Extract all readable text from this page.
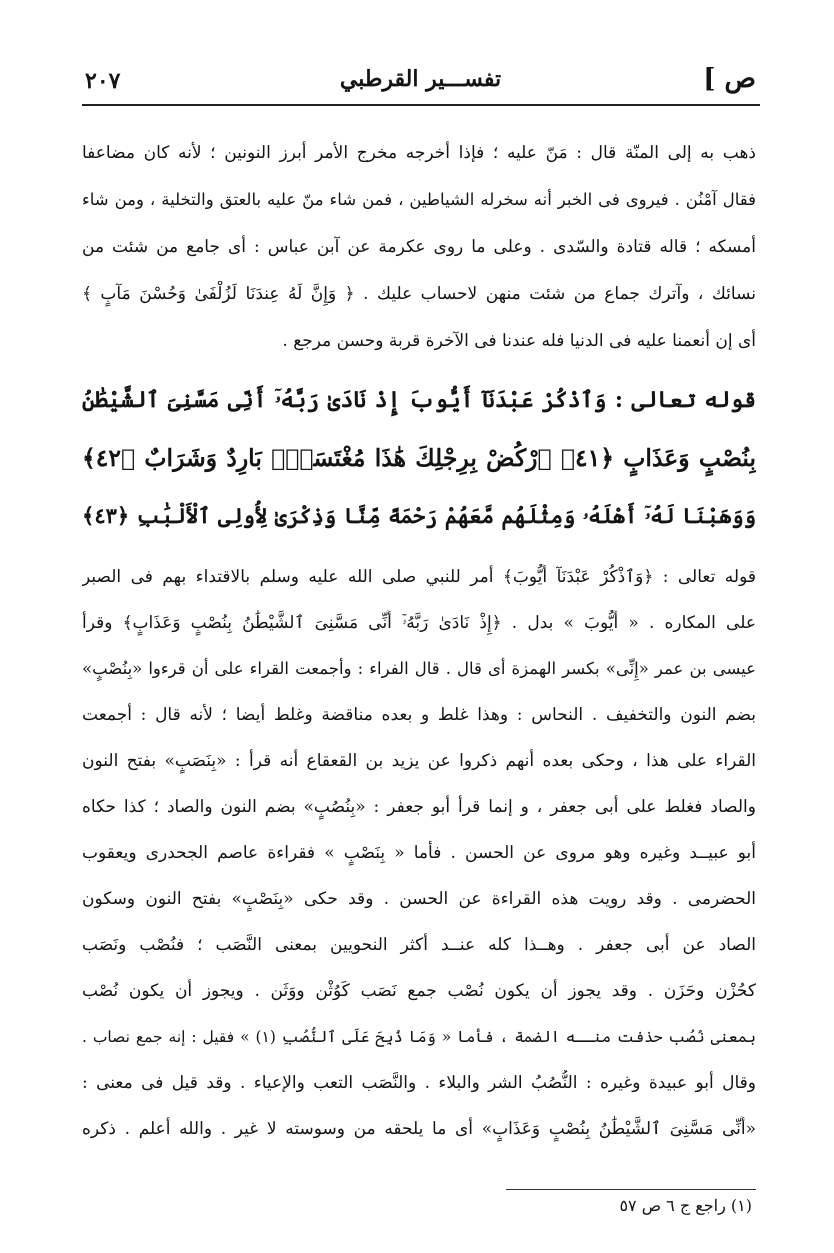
ص ]
تفســـير القرطبي
٢٠٧
ذهب به إلى المنّة قال : مَنّ عليه ؛ فإذا أخرجه مخرج الأمر أبرز النونين ؛ لأنه كان مضاعفا
فقال آمْنُن . فيروى فى الخبر أنه سخرله الشياطين ، فمن شاء منّ عليه بالعتق والتخلية ، ومن شاء
أمسكه ؛ قاله قتادة والسّدى . وعلى ما روى عكرمة عن آبن عباس : أى جامع من شئت من
نسائك ، وآترك جماع من شئت منهن لاحساب عليك . ﴿ وَإِنَّ لَهُ عِندَنَا لَزُلْفَىٰ وَحُسْنَ مَآبٍ ﴾
أى إن أنعمنا عليه فى الدنيا فله عندنا فى الآخرة قربة وحسن مرجع .
قوله تعالى : وَٱذْكُرْ عَبْدَنَآ أَيُّوبَ إِذْ نَادَىٰ رَبَّهُۥٓ أَنِّى مَسَّنِىَ ٱلشَّيْطَٰنُ
بِنُصْبٍ وَعَذَابٍ ﴿٤١﴾ ٱرْكُضْ بِرِجْلِكَ هَٰذَا مُغْتَسَلٌۢ بَارِدٌ وَشَرَابٌ ﴿٤٢﴾
وَوَهَبْنَا لَهُۥٓ أَهْلَهُۥ وَمِثْلَهُم مَّعَهُمْ رَحْمَةً مِّنَّا وَذِكْرَىٰ لِأُولِى ٱلْأَلْبَٰبِ ﴿٤٣﴾
قوله تعالى : ﴿وَٱذْكُرْ عَبْدَنَآ أَيُّوبَ﴾ أمر للنبي صلى الله عليه وسلم بالاقتداء بهم فى الصبر
على المكاره . « أَيُّوبَ » بدل . ﴿إِذْ نَادَىٰ رَبَّهُۥٓ أَنِّى مَسَّنِىَ ٱلشَّيْطَٰنُ بِنُصْبٍ وَعَذَابٍ﴾ وقرأ
عيسى بن عمر «إِنِّى» بكسر الهمزة أى قال . قال الفراء : وأجمعت القراء على أن قرءوا «بِنُصْبٍ»
بضم النون والتخفيف . النحاس : وهذا غلط و بعده مناقضة وغلط أيضا ؛ لأنه قال : أجمعت
القراء على هذا ، وحكى بعده أنهم ذكروا عن يزيد بن القعقاع أنه قرأ : «بِنَصَبٍ» بفتح النون
والصاد فغلط على أبى جعفر ، و إنما قرأ أبو جعفر : «بِنُصُبٍ» بضم النون والصاد ؛ كذا حكاه
أبو عبيــد وغيره وهو مروى عن الحسن . فأما « بِنَصْبٍ » فقراءة عاصم الجحدرى ويعقوب
الحضرمى . وقد رويت هذه القراءة عن الحسن . وقد حكى «بِنَصْبٍ» بفتح النون وسكون
الصاد عن أبى جعفر . وهــذا كله عنــد أكثر النحويين بمعنى النَّصَب ؛ فنُصْب ونَصَب
كحُزْن وحَزَن . وقد يجوز أن يكون نُصْب جمع نَصَب كَوُثْن ووَثَن . ويجوز أن يكون نُصْب
بمعنى نُصُب حذفت منــه الضمة ، فأما « وَمَا ذُبِحَ عَلَى ٱلنُّصُبِ (١) » فقيل : إنه جمع نصاب .
وقال أبو عبيدة وغيره : النُّصُبُ الشر والبلاء . والنَّصَب التعب والإعياء . وقد قيل فى معنى :
«أَنِّى مَسَّنِىَ ٱلشَّيْطَٰنُ بِنُصْبٍ وَعَذَابٍ» أى ما يلحقه من وسوسته لا غير . والله أعلم . ذكره
(١) راجع ج ٦ ص ٥٧
